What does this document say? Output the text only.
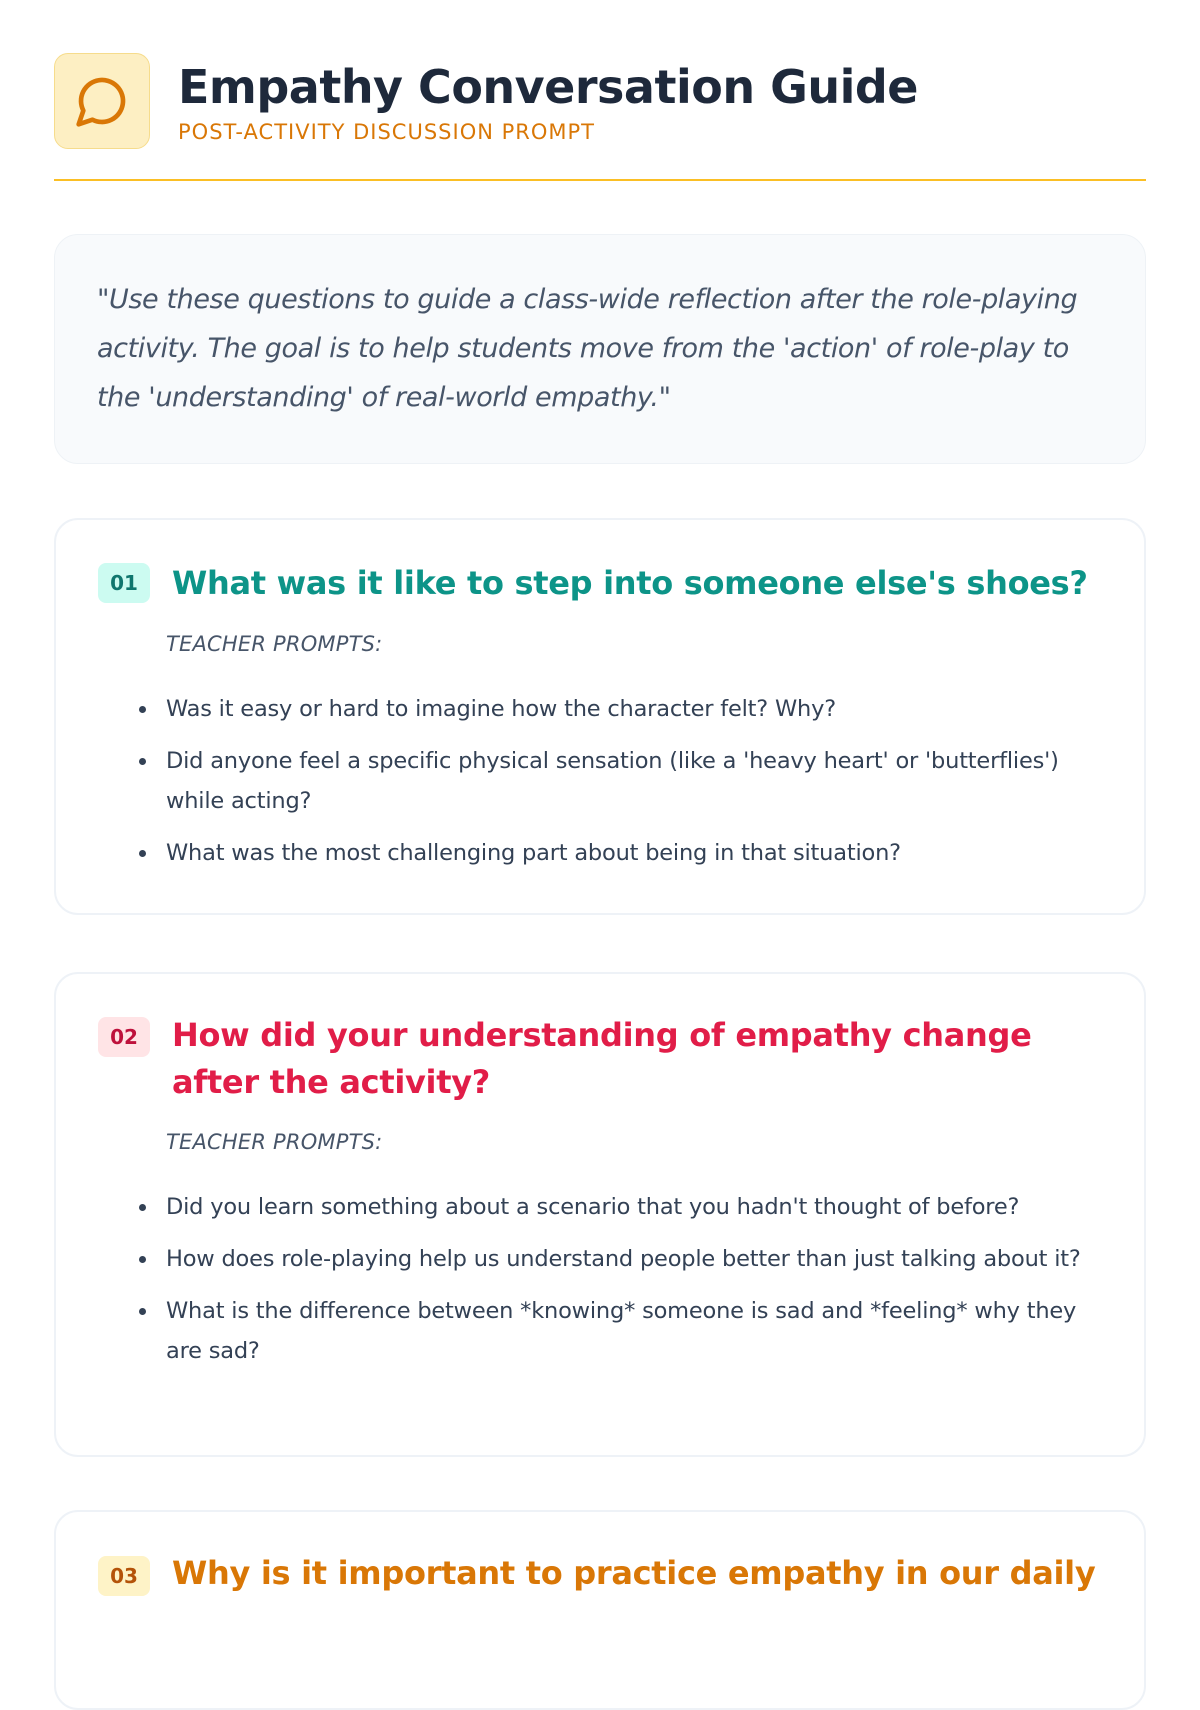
Empathy Conversation Guide
POST-ACTIVITY DISCUSSION PROMPT

"Use these questions to guide a class-wide reflection after the role-playing activity. The goal is to help students move from the 'action' of role-play to the 'understanding' of real-world empathy."

01	What was it like to step into someone else's shoes?
TEACHER PROMPTS:
Was it easy or hard to imagine how the character felt? Why?
Did anyone feel a specific physical sensation (like a 'heavy heart' or 'butterflies') while acting?
What was the most challenging part about being in that situation?
02	How did your understanding of empathy change after the activity?
TEACHER PROMPTS:
Did you learn something about a scenario that you hadn't thought of before?
How does role-playing help us understand people better than just talking about it?
What is the difference between *knowing* someone is sad and *feeling* why they are sad?
03	Why is it important to practice empathy in our daily
